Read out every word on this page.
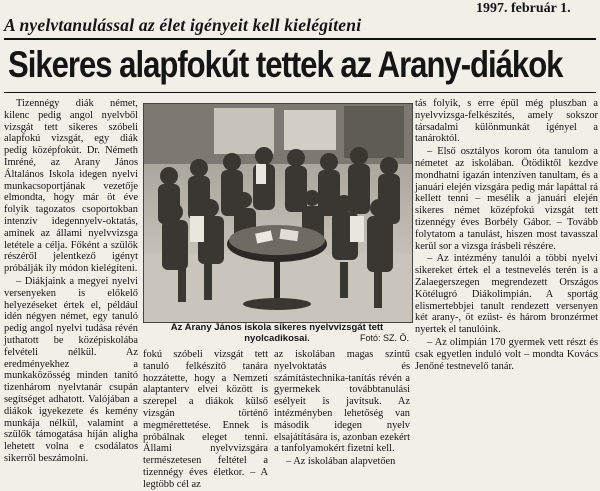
1997. február 1.
A nyelvtanulással az élet igényeit kell kielégíteni
Sikeres alapfokút tettek az Arany-diákok

Tizennégy diák német, kilenc pedig angol nyelvből vizsgát tett sikeres szóbeli alapfokú vizsgát, egy diák pedig középfokút. Dr. Németh Imréné, az Arany János Általános Iskola idegen nyelvi munkacsoportjának vezetője elmondta, hogy már öt éve folyik tagozatos csoportokban intenzív idegennyelv-oktatás, aminek az állami nyelvvizsga letétele a célja. Főként a szülők részéről jelentkező igényt próbálják ily módon kielégíteni.

– Diákjaink a megyei nyelvi versenyeken is előkelő helyezéseket értek el, például idén négyen német, egy tanuló pedig angol nyelvi tudása révén juthatott be középiskolába felvételi nélkül. Az eredményekhez a munkaközösség minden tanító tizenhárom nyelvtanár csupán segítséget adhatott. Valójában a diákok igyekezete és kemény munkája nélkül, valamint a szülők támogatása híján aligha lehetett volna e csodálatos sikerről beszámolni.

Az Arany János iskola sikeres nyelvvizsgát tett nyolcadikosai.	Fotó: SZ. Ö.

fokú szóbeli vizsgát tett tanuló felkészítő tanára hozzátette, hogy a Nemzeti alaptanterv elvei között is szerepel a diákok külső vizsgán történő megmérettetése. Ennek is próbálnak eleget tenni. Állami nyelvvizsgára természetesen feltétel a tizennégy éves életkor. – A legtöbb cél az

az iskolában magas szintű nyelvoktatás és számítástechnika-tanítás révén a gyermekek továbbtanulási esélyeit is javítsuk. Az intézményben lehetőség van második idegen nyelv elsajátítására is, azonban ezekért a tanfolyamokért fizetni kell.

– Az iskolában alapvetően

tás folyik, s erre épül még pluszban a nyelvvizsga-felkészítés, amely sokszor társadalmi különmunkát igényel a tanároktól.

– Első osztályos korom óta tanulom a németet az iskolában. Ötödiktől kezdve mondhatni igazán intenzíven tanultam, és a januári elején vizsgára pedig már lapáttal rá kellett tenni – mesélik a januári elején sikeres német középfokú vizsgát tett tizennégy éves Borbély Gábor. – Tovább folytatom a tanulást, hiszen most tavasszal kerül sor a vizsga írásbeli részére.

– Az intézmény tanulói a többi nyelvi sikereket értek el a testnevelés terén is a Zalaegerszegen megrendezett Országos Kötélugró Diákolimpián. A sportág elismertebbjei tanult rendezett versenyen két arany-, öt ezüst- és három bronzérmet nyertek el tanulóink.

– Az olimpián 170 gyermek vett részt és csak egyetlen induló volt – mondta Kovács Jenőné testnevelő tanár.
